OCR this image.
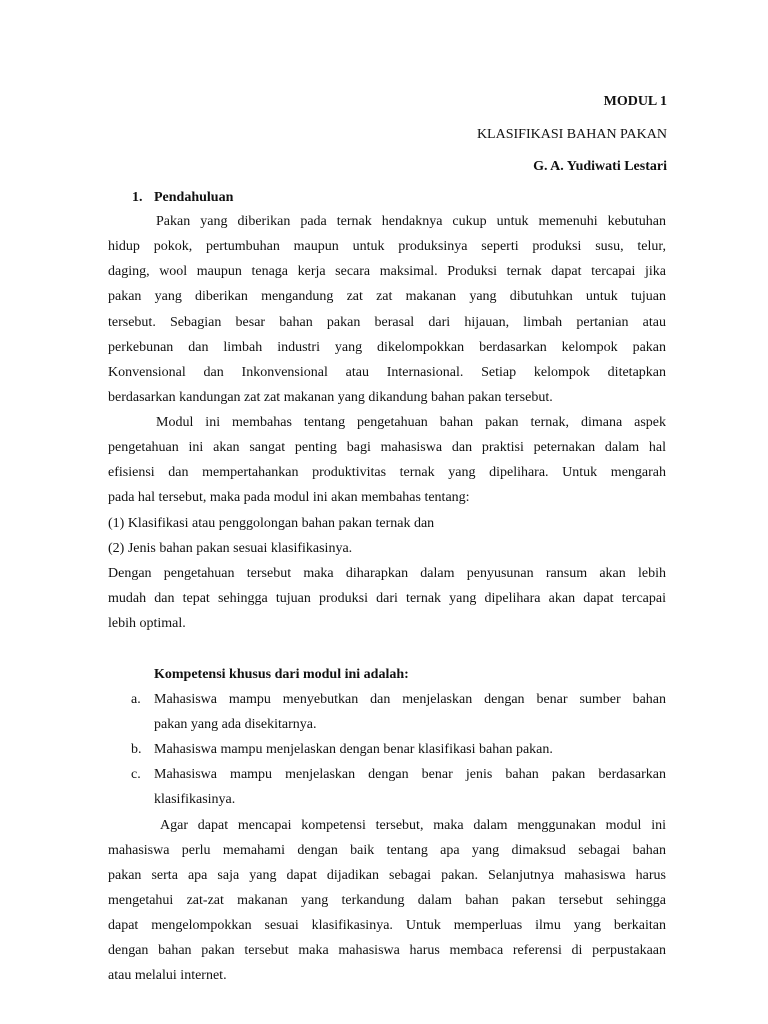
MODUL 1
KLASIFIKASI BAHAN PAKAN
G. A. Yudiwati Lestari
1. Pendahuluan
Pakan yang diberikan pada ternak hendaknya cukup untuk memenuhi kebutuhan
hidup pokok, pertumbuhan maupun untuk produksinya seperti produksi susu, telur,
daging, wool maupun tenaga kerja secara maksimal. Produksi ternak dapat tercapai jika
pakan yang diberikan mengandung zat zat makanan yang dibutuhkan untuk tujuan
tersebut. Sebagian besar bahan pakan berasal dari hijauan, limbah pertanian atau
perkebunan dan limbah industri yang dikelompokkan berdasarkan kelompok pakan
Konvensional dan Inkonvensional atau Internasional. Setiap kelompok ditetapkan
berdasarkan kandungan zat zat makanan yang dikandung bahan pakan tersebut.
Modul ini membahas tentang pengetahuan bahan pakan ternak, dimana aspek
pengetahuan ini akan sangat penting bagi mahasiswa dan praktisi peternakan dalam hal
efisiensi dan mempertahankan produktivitas ternak yang dipelihara. Untuk mengarah
pada hal tersebut, maka pada modul ini akan membahas tentang:
(1) Klasifikasi atau penggolongan bahan pakan ternak dan
(2) Jenis bahan pakan sesuai klasifikasinya.
Dengan pengetahuan tersebut maka diharapkan dalam penyusunan ransum akan lebih
mudah dan tepat sehingga tujuan produksi dari ternak yang dipelihara akan dapat tercapai
lebih optimal.
Kompetensi khusus dari modul ini adalah:
a. Mahasiswa mampu menyebutkan dan menjelaskan dengan benar sumber bahan
pakan yang ada disekitarnya.
b. Mahasiswa mampu menjelaskan dengan benar klasifikasi bahan pakan.
c. Mahasiswa mampu menjelaskan dengan benar jenis bahan pakan berdasarkan
klasifikasinya.
Agar dapat mencapai kompetensi tersebut, maka dalam menggunakan modul ini
mahasiswa perlu memahami dengan baik tentang apa yang dimaksud sebagai bahan
pakan serta apa saja yang dapat dijadikan sebagai pakan. Selanjutnya mahasiswa harus
mengetahui zat-zat makanan yang terkandung dalam bahan pakan tersebut sehingga
dapat mengelompokkan sesuai klasifikasinya. Untuk memperluas ilmu yang berkaitan
dengan bahan pakan tersebut maka mahasiswa harus membaca referensi di perpustakaan
atau melalui internet.
